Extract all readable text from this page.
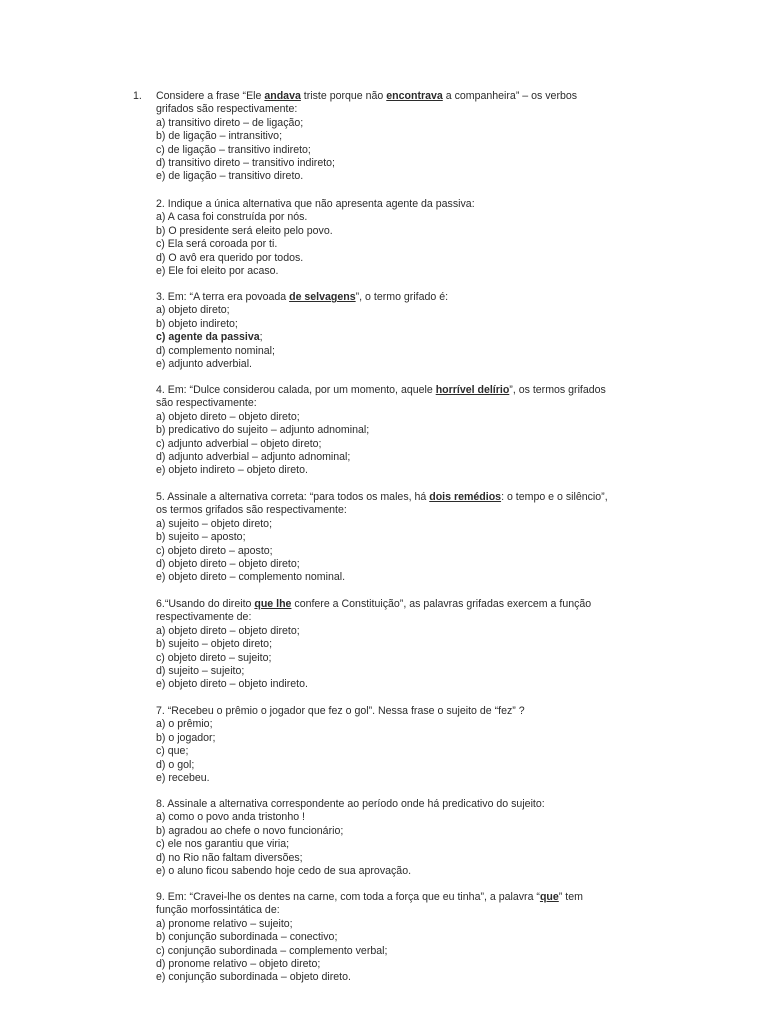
1. Considere a frase “Ele andava triste porque não encontrava a companheira” – os verbos
grifados são respectivamente:
a) transitivo direto – de ligação;
b) de ligação – intransitivo;
c) de ligação – transitivo indireto;
d) transitivo direto – transitivo indireto;
e) de ligação – transitivo direto.
2. Indique a única alternativa que não apresenta agente da passiva:
a) A casa foi construída por nós.
b) O presidente será eleito pelo povo.
c) Ela será coroada por ti.
d) O avô era querido por todos.
e) Ele foi eleito por acaso.
3. Em: “A terra era povoada de selvagens”, o termo grifado é:
a) objeto direto;
b) objeto indireto;
c) agente da passiva;
d) complemento nominal;
e) adjunto adverbial.
4. Em: “Dulce considerou calada, por um momento, aquele horrível delírio”, os termos grifados
são respectivamente:
a) objeto direto – objeto direto;
b) predicativo do sujeito – adjunto adnominal;
c) adjunto adverbial – objeto direto;
d) adjunto adverbial – adjunto adnominal;
e) objeto indireto – objeto direto.
5. Assinale a alternativa correta: “para todos os males, há dois remédios: o tempo e o silêncio”,
os termos grifados são respectivamente:
a) sujeito – objeto direto;
b) sujeito – aposto;
c) objeto direto – aposto;
d) objeto direto – objeto direto;
e) objeto direto – complemento nominal.
6.“Usando do direito que lhe confere a Constituição”, as palavras grifadas exercem a função
respectivamente de:
a) objeto direto – objeto direto;
b) sujeito – objeto direto;
c) objeto direto – sujeito;
d) sujeito – sujeito;
e) objeto direto – objeto indireto.
7. “Recebeu o prêmio o jogador que fez o gol”. Nessa frase o sujeito de “fez” ?
a) o prêmio;
b) o jogador;
c) que;
d) o gol;
e) recebeu.
8. Assinale a alternativa correspondente ao período onde há predicativo do sujeito:
a) como o povo anda tristonho !
b) agradou ao chefe o novo funcionário;
c) ele nos garantiu que viria;
d) no Rio não faltam diversões;
e) o aluno ficou sabendo hoje cedo de sua aprovação.
9. Em: “Cravei-lhe os dentes na carne, com toda a força que eu tinha”, a palavra “que” tem
função morfossintática de:
a) pronome relativo – sujeito;
b) conjunção subordinada – conectivo;
c) conjunção subordinada – complemento verbal;
d) pronome relativo – objeto direto;
e) conjunção subordinada – objeto direto.
